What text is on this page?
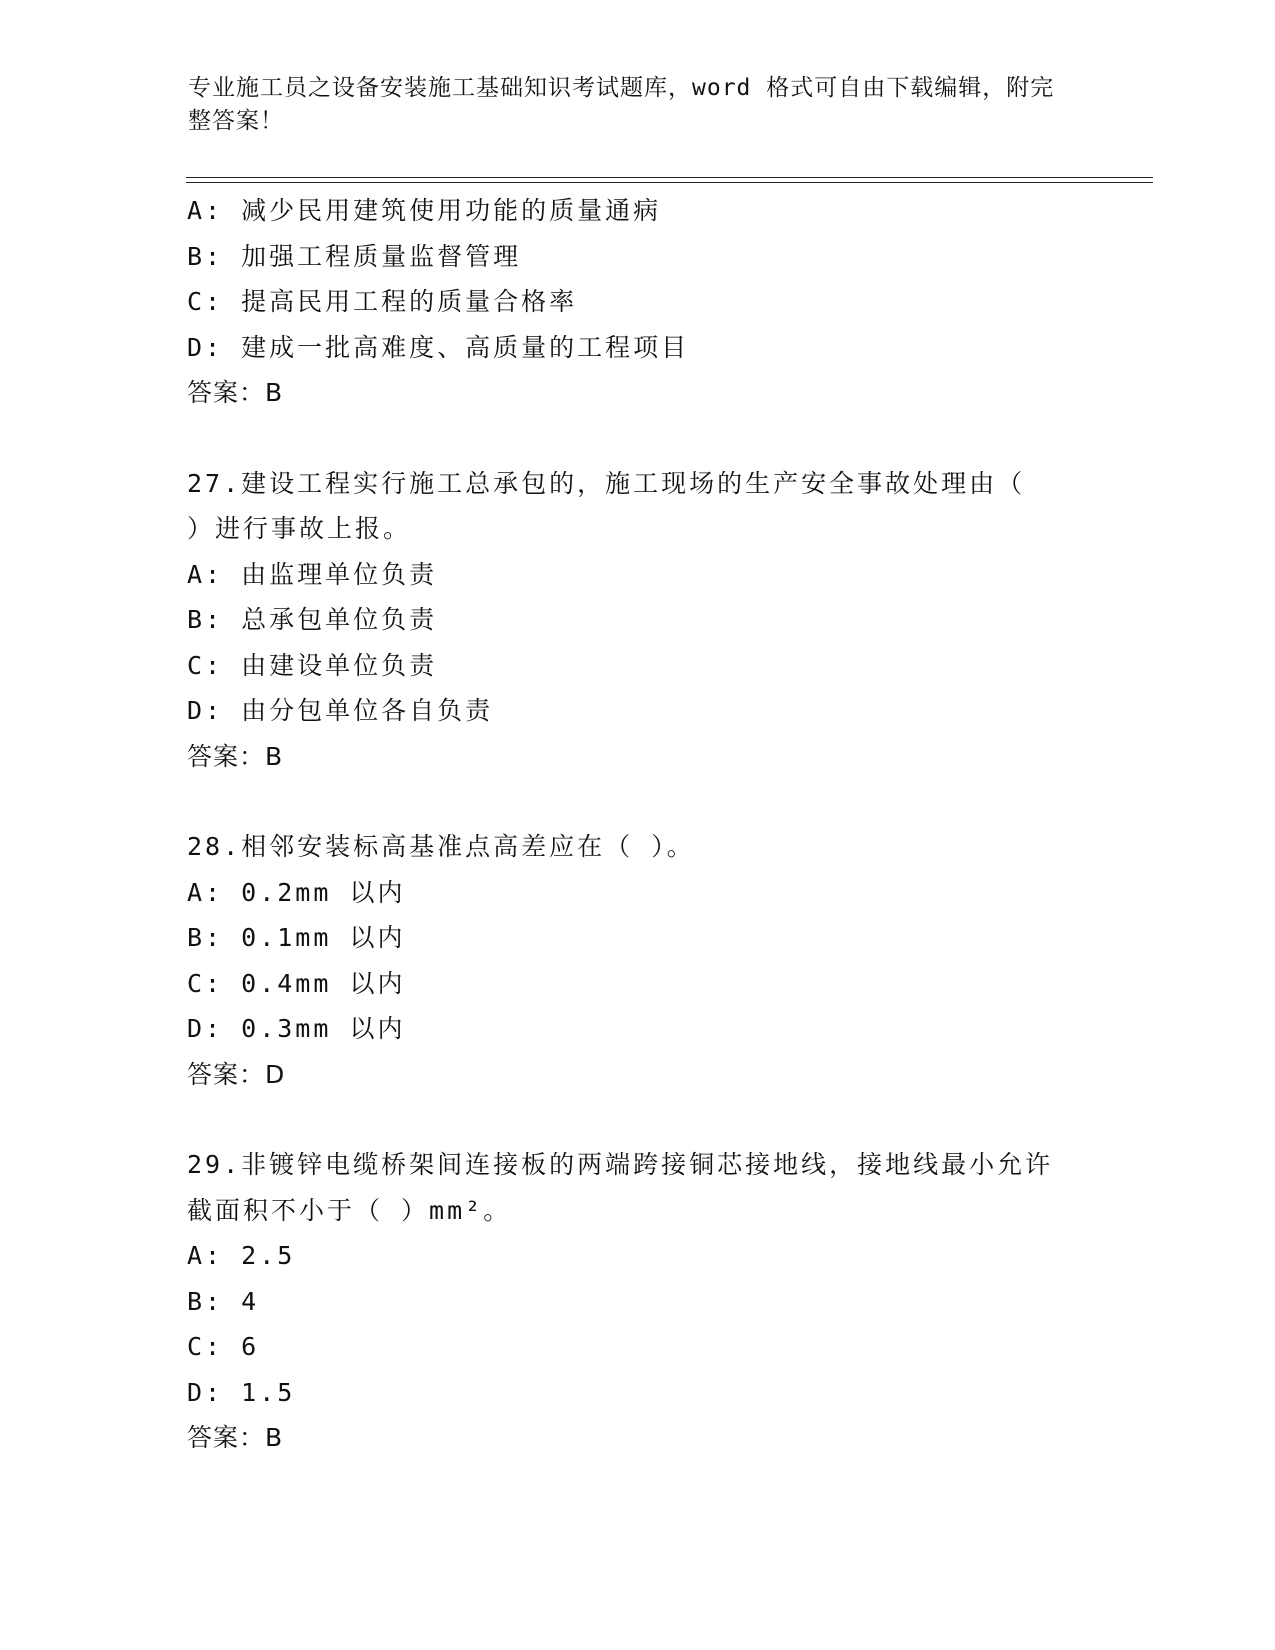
专业施工员之设备安装施工基础知识考试题库，word 格式可自由下载编辑，附完
整答案！
A: 减少民用建筑使用功能的质量通病
B: 加强工程质量监督管理
C: 提高民用工程的质量合格率
D: 建成一批高难度、高质量的工程项目
答案：B
27.建设工程实行施工总承包的，施工现场的生产安全事故处理由（
）进行事故上报。
A: 由监理单位负责
B: 总承包单位负责
C: 由建设单位负责
D: 由分包单位各自负责
答案：B
28.相邻安装标高基准点高差应在（ ）。
A: 0.2mm 以内
B: 0.1mm 以内
C: 0.4mm 以内
D: 0.3mm 以内
答案：D
29.非镀锌电缆桥架间连接板的两端跨接铜芯接地线，接地线最小允许
截面积不小于（ ）mm²。
A: 2.5
B: 4
C: 6
D: 1.5
答案：B
